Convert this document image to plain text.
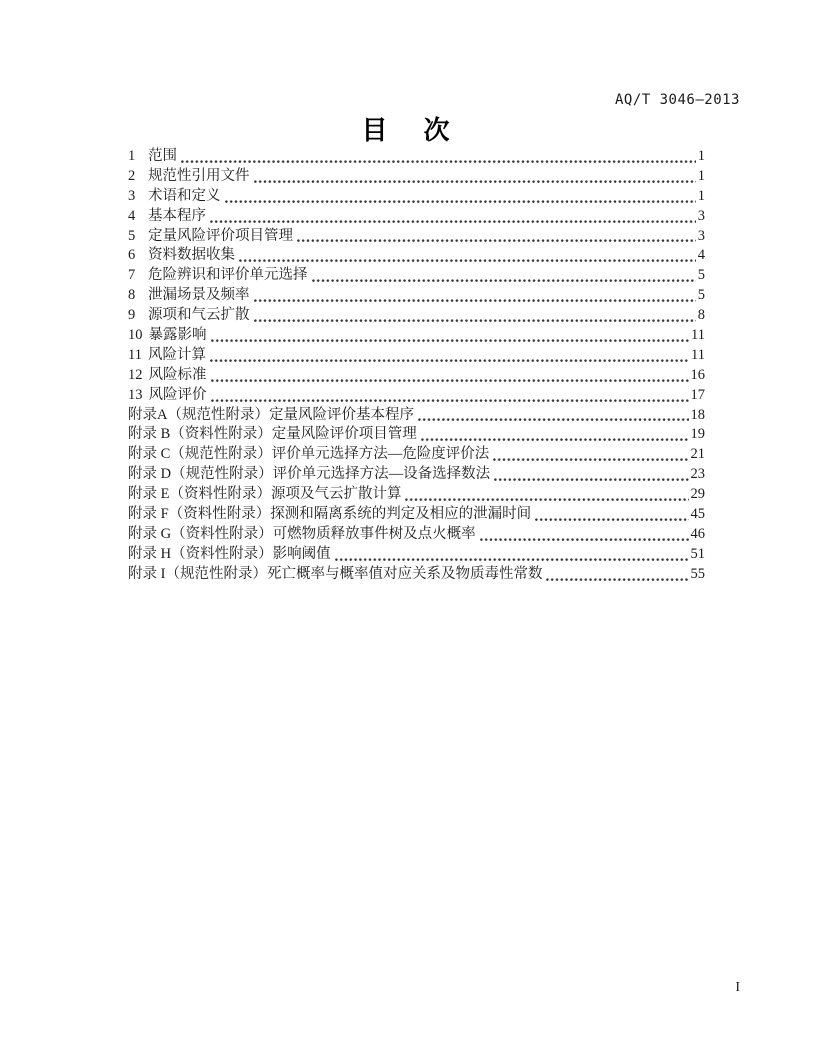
AQ/T 3046—2013
目　次
1 范围	1
2 规范性引用文件	1
3 术语和定义	1
4 基本程序	3
5 定量风险评价项目管理	3
6 资料数据收集	4
7 危险辨识和评价单元选择	5
8 泄漏场景及频率	5
9 源项和气云扩散	8
10 暴露影响	11
11 风险计算	11
12 风险标准	16
13 风险评价	17
附录A（规范性附录）定量风险评价基本程序	18
附录 B（资料性附录）定量风险评价项目管理	19
附录 C（规范性附录）评价单元选择方法—危险度评价法	21
附录 D（规范性附录）评价单元选择方法—设备选择数法	23
附录 E（资料性附录）源项及气云扩散计算	29
附录 F（资料性附录）探测和隔离系统的判定及相应的泄漏时间	45
附录 G（资料性附录）可燃物质释放事件树及点火概率	46
附录 H（资料性附录）影响阈值	51
附录 I（规范性附录）死亡概率与概率值对应关系及物质毒性常数	55
I
